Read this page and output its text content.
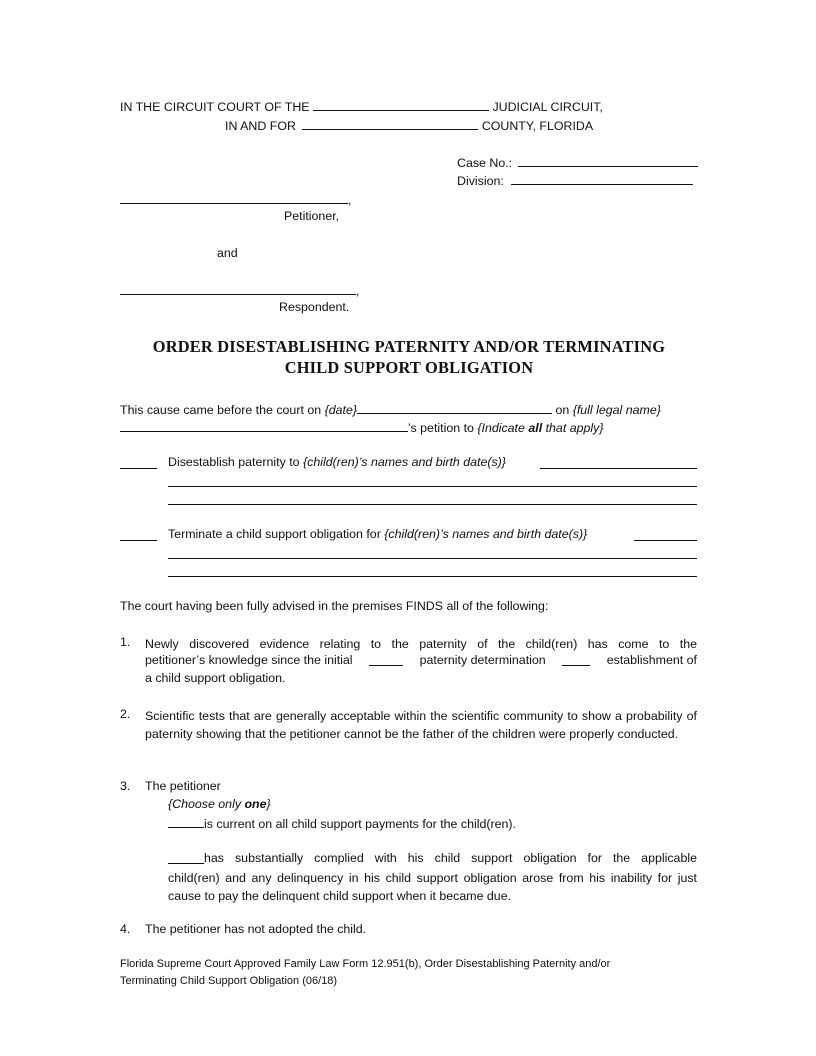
IN THE CIRCUIT COURT OF THE	JUDICIAL CIRCUIT,
IN AND FOR	COUNTY, FLORIDA
Case No.:
Division:
,
Petitioner,
and
,
Respondent.
ORDER DISESTABLISHING PATERNITY AND/OR TERMINATING
CHILD SUPPORT OBLIGATION
This cause came before the court on {date}	on {full legal name}
’s petition to {Indicate all that apply}
Disestablish paternity to {child(ren)’s names and birth date(s)}
Terminate a child support obligation for {child(ren)’s names and birth date(s)}
The court having been fully advised in the premises FINDS all of the following:
1. Newly discovered evidence relating to the paternity of the child(ren) has come to the
petitioner’s knowledge since the initial	paternity determination	establishment of
a child support obligation.
2. Scientific tests that are generally acceptable within the scientific community to show a probability of paternity showing that the petitioner cannot be the father of the children were properly conducted.
3. The petitioner
{Choose only one}
is current on all child support payments for the child(ren).
has substantially complied with his child support obligation for the applicable
child(ren) and any delinquency in his child support obligation arose from his inability for just cause to pay the delinquent child support when it became due.
4. The petitioner has not adopted the child.
Florida Supreme Court Approved Family Law Form 12.951(b), Order Disestablishing Paternity and/or
Terminating Child Support Obligation (06/18)
